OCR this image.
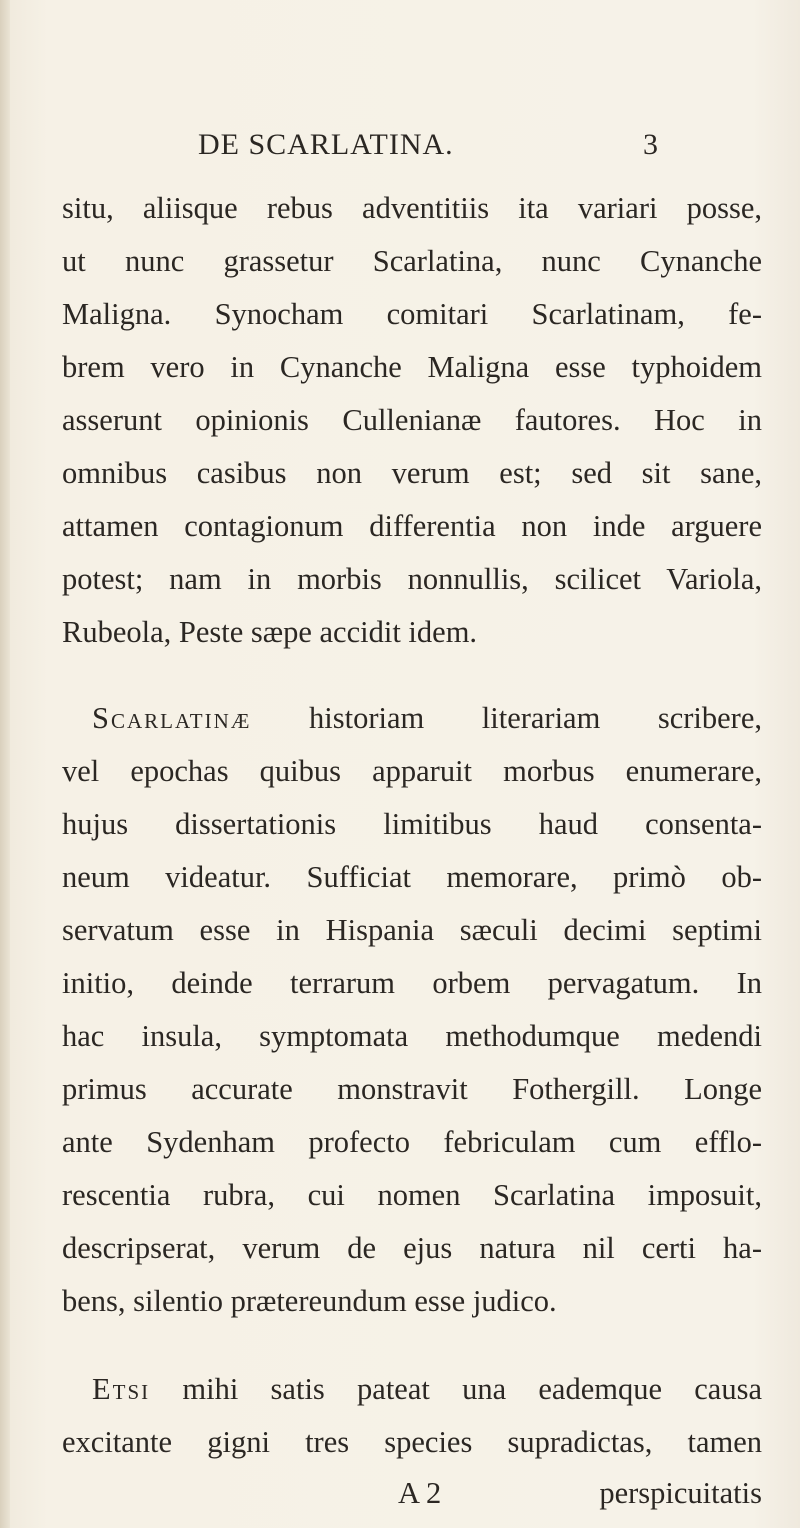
DE SCARLATINA.	3
situ, aliisque rebus adventitiis ita variari posse,
ut nunc grassetur Scarlatina, nunc Cynanche
Maligna. Synocham comitari Scarlatinam, fe-
brem vero in Cynanche Maligna esse typhoidem
asserunt opinionis Cullenianæ fautores. Hoc in
omnibus casibus non verum est; sed sit sane,
attamen contagionum differentia non inde arguere
potest; nam in morbis nonnullis, scilicet Variola,
Rubeola, Peste sæpe accidit idem.
Scarlatinæ historiam literariam scribere,
vel epochas quibus apparuit morbus enumerare,
hujus dissertationis limitibus haud consenta-
neum videatur. Sufficiat memorare, primò ob-
servatum esse in Hispania sæculi decimi septimi
initio, deinde terrarum orbem pervagatum. In
hac insula, symptomata methodumque medendi
primus accurate monstravit Fothergill. Longe
ante Sydenham profecto febriculam cum efflo-
rescentia rubra, cui nomen Scarlatina imposuit,
descripserat, verum de ejus natura nil certi ha-
bens, silentio prætereundum esse judico.
Etsi mihi satis pateat una eademque causa
excitante gigni tres species supradictas, tamen
A 2	perspicuitatis
